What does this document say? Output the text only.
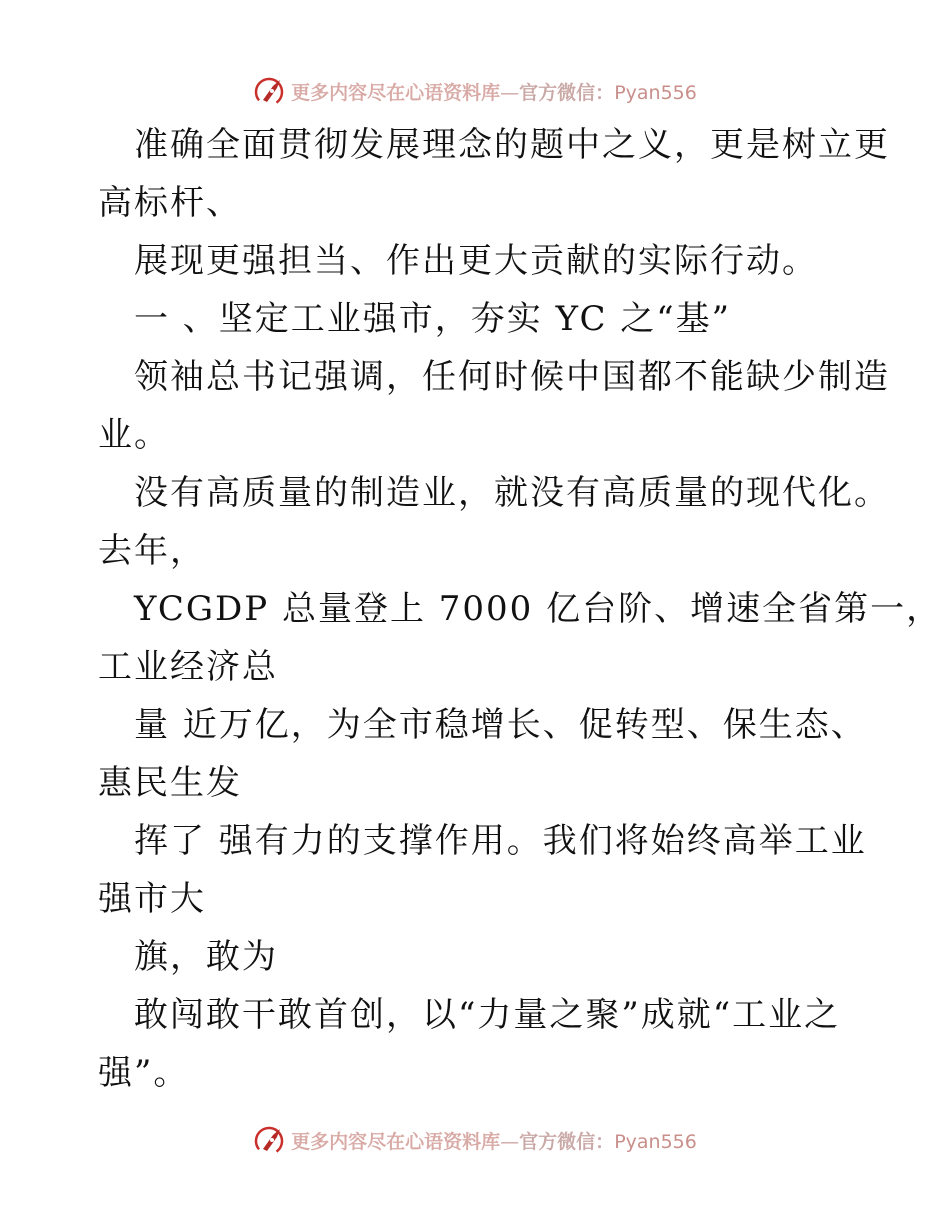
更多内容尽在心语资料库—官方微信：Pyan556
准确全面贯彻发展理念的题中之义，更是树立更
高标杆、
展现更强担当、作出更大贡献的实际行动。
一 、坚定工业强市，夯实 YC 之“基”
领袖总书记强调，任何时候中国都不能缺少制造
业。
没有高质量的制造业，就没有高质量的现代化。
去年，
YCGDP 总量登上 7000 亿台阶、增速全省第一，
工业经济总
量 近万亿，为全市稳增长、促转型、保生态、
惠民生发
挥了 强有力的支撑作用。我们将始终高举工业
强市大
旗，敢为
敢闯敢干敢首创，以“力量之聚”成就“工业之
强”。
更多内容尽在心语资料库—官方微信：Pyan556
